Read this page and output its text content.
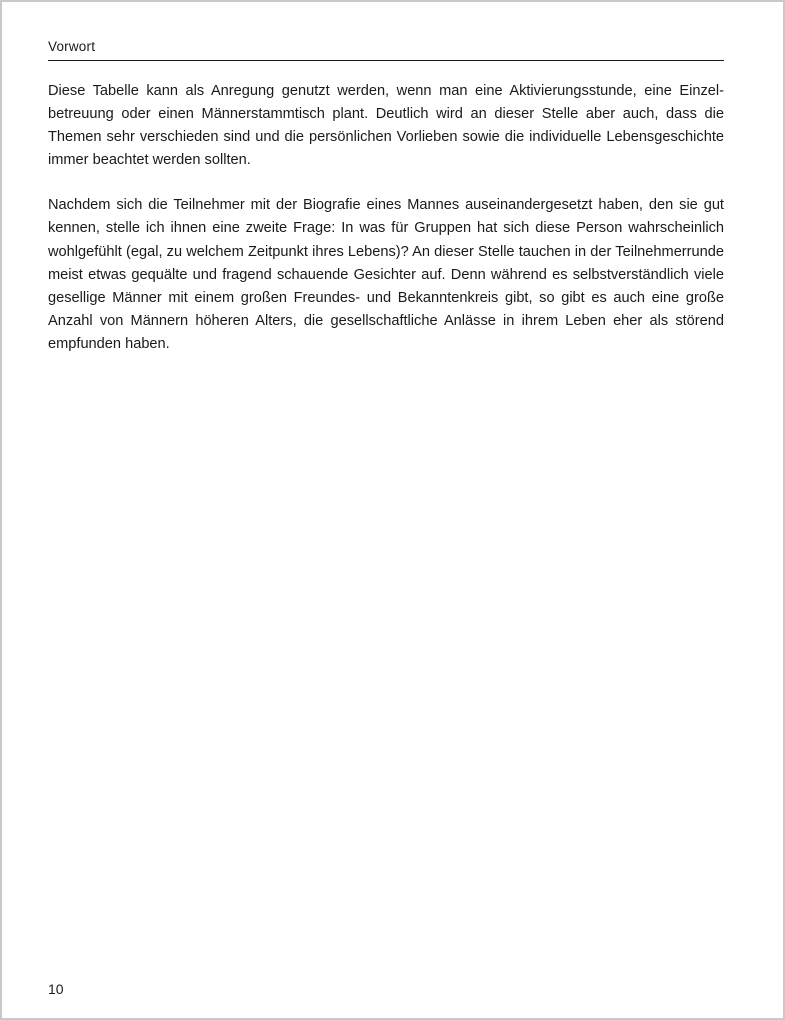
Vorwort

Diese Tabelle kann als Anregung genutzt werden, wenn man eine Aktivierungsstunde, eine Einzelbetreuung oder einen Männerstammtisch plant. Deutlich wird an dieser Stelle aber auch, dass die Themen sehr verschieden sind und die persönlichen Vorlieben sowie die individuelle Lebensgeschichte immer beachtet werden sollten.

Nachdem sich die Teilnehmer mit der Biografie eines Mannes auseinandergesetzt haben, den sie gut kennen, stelle ich ihnen eine zweite Frage: In was für Gruppen hat sich diese Person wahrscheinlich wohlgefühlt (egal, zu welchem Zeitpunkt ihres Lebens)? An dieser Stelle tauchen in der Teilnehmerrunde meist etwas gequälte und fragend schauende Gesichter auf. Denn während es selbstverständlich viele gesellige Männer mit einem großen Freundes- und Bekanntenkreis gibt, so gibt es auch eine große Anzahl von Männern höheren Alters, die gesellschaftliche Anlässe in ihrem Leben eher als störend empfunden haben.

10
